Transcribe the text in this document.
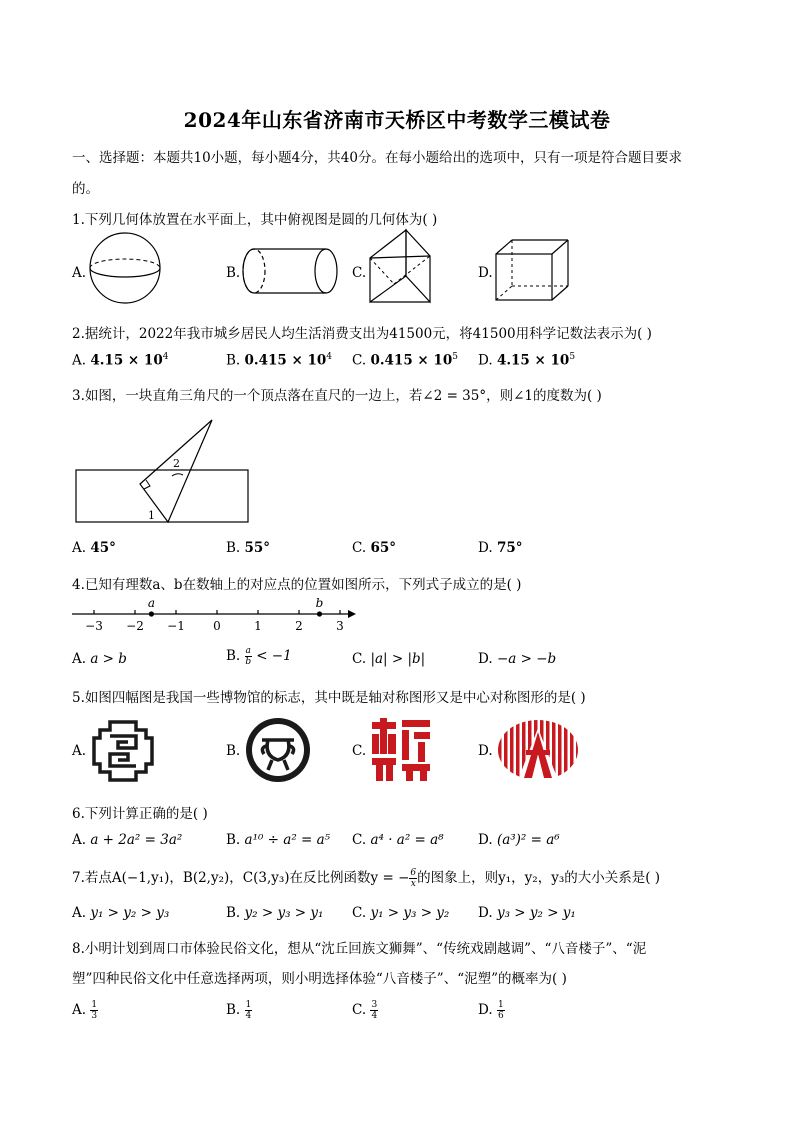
2024年山东省济南市天桥区中考数学三模试卷
一、选择题：本题共10小题，每小题4分，共40分。在每小题给出的选项中，只有一项是符合题目要求
的。
1.下列几何体放置在水平面上，其中俯视图是圆的几何体为( )
A.	B.	C.	D.
2.据统计，2022年我市城乡居民人均生活消费支出为41500元，将41500用科学记数法表示为( )
A. $4.15 \times 10^4$	B. $0.415 \times 10^4$ C. $0.415 \times 10^5$ D. $4.15 \times 10^5$
3.如图，一块直角三角尺的一个顶点落在直尺的一边上，若∠2 = 35°，则∠1的度数为( )
2
1
A. 45°	B. 55°	C. 65°	D. 75°
4.已知有理数a、b在数轴上的对应点的位置如图所示，下列式子成立的是( )
−3 −2 −1 0	1	2	3
a	b
A. a > b	B. $\frac{a}{b} < -1$	C. |a| > |b|	D. −a > −b
5.如图四幅图是我国一些博物馆的标志，其中既是轴对称图形又是中心对称图形的是( )
A.	B.	C.	D.
6.下列计算正确的是( )
A. a + 2a² = 3a²	B. a¹⁰ ÷ a² = a⁵ C. a⁴ · a² = a⁸	D. (a³)² = a⁶
7.若点A(−1,y₁)，B(2,y₂)，C(3,y₃)在反比例函数y = − $\frac{6}{x}$ 的图象上，则y₁，y₂，y₃的大小关系是( )
A. y₁ > y₂ > y₃	B. y₂ > y₃ > y₁ C. y₁ > y₃ > y₂ D. y₃ > y₂ > y₁
8.小明计划到周口市体验民俗文化，想从“沈丘回族文狮舞”、“传统戏剧越调”、“八音楼子”、“泥
塑”四种民俗文化中任意选择两项，则小明选择体验“八音楼子”、“泥塑”的概率为( )
A. $\frac{1}{3}$	B. $\frac{1}{4}$	C. $\frac{3}{4}$	D. $\frac{1}{6}$
